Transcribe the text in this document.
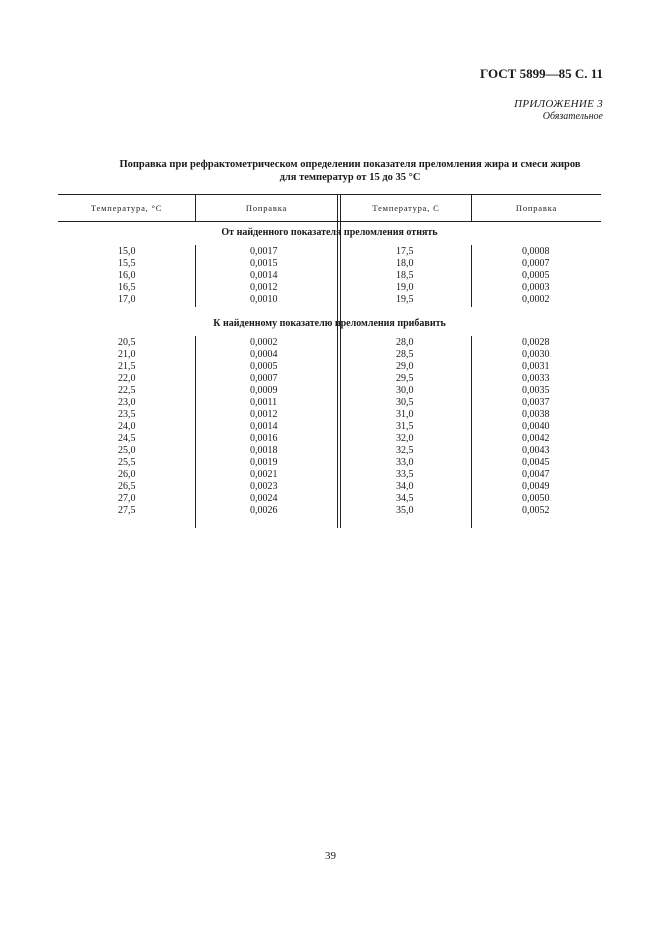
ГОСТ 5899—85 С. 11
ПРИЛОЖЕНИЕ 3
Обязательное
Поправка при рефрактометрическом определении показателя преломления жира и смеси жиров
для температур от 15 до 35 °С
Температура, °С	Поправка	Температура, С	Поправка
От найденного показателя преломления отнять
15,0	0,0017	17,5	0,0008
15,5	0,0015	18,0	0,0007
16,0	0,0014	18,5	0,0005
16,5	0,0012	19,0	0,0003
17,0	0,0010	19,5	0,0002
К найденному показателю преломления прибавить
20,5	0,0002	28,0	0,0028
21,0	0,0004	28,5	0,0030
21,5	0,0005	29,0	0,0031
22,0	0,0007	29,5	0,0033
22,5	0,0009	30,0	0,0035
23,0	0,0011	30,5	0,0037
23,5	0,0012	31,0	0,0038
24,0	0,0014	31,5	0,0040
24,5	0,0016	32,0	0,0042
25,0	0,0018	32,5	0,0043
25,5	0,0019	33,0	0,0045
26,0	0,0021	33,5	0,0047
26,5	0,0023	34,0	0,0049
27,0	0,0024	34,5	0,0050
27,5	0,0026	35,0	0,0052
39
